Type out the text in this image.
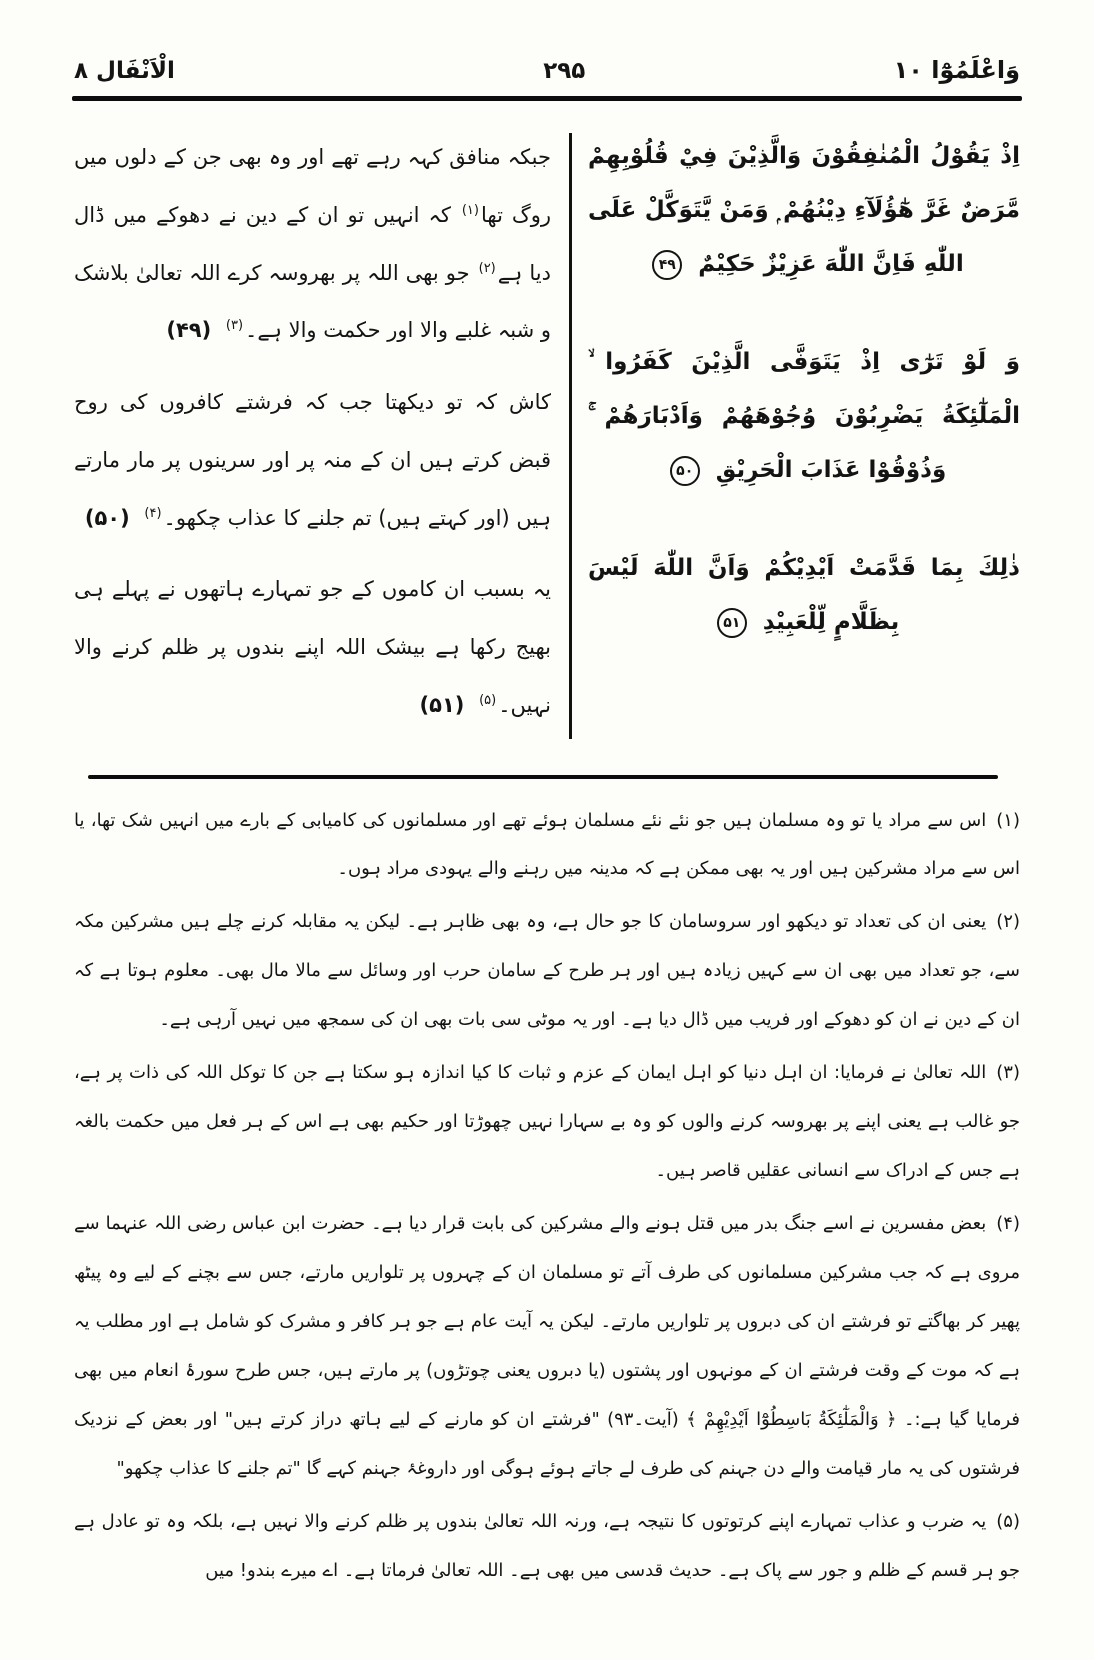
وَاعْلَمُوْٓا ۱۰
۲۹۵
الْاَنْفَال ۸
اِذْ يَقُوْلُ الْمُنٰفِقُوْنَ وَالَّذِيْنَ فِيْ قُلُوْبِهِمْ مَّرَضٌ غَرَّ هٰٓؤُلَآءِ دِيْنُهُمْ ۭ وَمَنْ يَّتَوَكَّلْ عَلَى اللّٰهِ فَاِنَّ اللّٰهَ عَزِيْزٌ حَكِيْمٌ ۴۹
وَ لَوْ تَرٰٓى اِذْ يَتَوَفَّى الَّذِيْنَ كَفَرُوا ۙ الْمَلٰٓئِكَةُ يَضْرِبُوْنَ وُجُوْهَهُمْ وَاَدْبَارَهُمْ ۚ وَذُوْقُوْا عَذَابَ الْحَرِيْقِ ۵۰
ذٰلِكَ بِمَا قَدَّمَتْ اَيْدِيْكُمْ وَاَنَّ اللّٰهَ لَيْسَ بِظَلَّامٍ لِّلْعَبِيْدِ ۵۱

جبکہ منافق کہہ رہے تھے اور وہ بھی جن کے دلوں میں روگ تھا$^{(۱)}$ کہ انہیں تو ان کے دین نے دھوکے میں ڈال دیا ہے$^{(۲)}$ جو بھی اللہ پر بھروسہ کرے اللہ تعالیٰ بلاشک و شبہ غلبے والا اور حکمت والا ہے۔$^{(۳)}$ (۴۹)

کاش کہ تو دیکھتا جب کہ فرشتے کافروں کی روح قبض کرتے ہیں ان کے منہ پر اور سرینوں پر مار مارتے ہیں (اور کہتے ہیں) تم جلنے کا عذاب چکھو۔$^{(۴)}$ (۵۰)

یہ بسبب ان کاموں کے جو تمہارے ہاتھوں نے پہلے ہی بھیج رکھا ہے بیشک اللہ اپنے بندوں پر ظلم کرنے والا نہیں۔$^{(۵)}$ (۵۱)

(۱)اس سے مراد یا تو وہ مسلمان ہیں جو نئے نئے مسلمان ہوئے تھے اور مسلمانوں کی کامیابی کے بارے میں انہیں شک تھا، یا اس سے مراد مشرکین ہیں اور یہ بھی ممکن ہے کہ مدینہ میں رہنے والے یہودی مراد ہوں۔

(۲)یعنی ان کی تعداد تو دیکھو اور سروسامان کا جو حال ہے، وہ بھی ظاہر ہے۔ لیکن یہ مقابلہ کرنے چلے ہیں مشرکین مکہ سے، جو تعداد میں بھی ان سے کہیں زیادہ ہیں اور ہر طرح کے سامان حرب اور وسائل سے مالا مال بھی۔ معلوم ہوتا ہے کہ ان کے دین نے ان کو دھوکے اور فریب میں ڈال دیا ہے۔ اور یہ موٹی سی بات بھی ان کی سمجھ میں نہیں آرہی ہے۔

(۳)اللہ تعالیٰ نے فرمایا: ان اہل دنیا کو اہل ایمان کے عزم و ثبات کا کیا اندازہ ہو سکتا ہے جن کا توکل اللہ کی ذات پر ہے، جو غالب ہے یعنی اپنے پر بھروسہ کرنے والوں کو وہ بے سہارا نہیں چھوڑتا اور حکیم بھی ہے اس کے ہر فعل میں حکمت بالغہ ہے جس کے ادراک سے انسانی عقلیں قاصر ہیں۔

(۴)بعض مفسرین نے اسے جنگ بدر میں قتل ہونے والے مشرکین کی بابت قرار دیا ہے۔ حضرت ابن عباس رضی اللہ عنہما سے مروی ہے کہ جب مشرکین مسلمانوں کی طرف آتے تو مسلمان ان کے چہروں پر تلواریں مارتے، جس سے بچنے کے لیے وہ پیٹھ پھیر کر بھاگتے تو فرشتے ان کی دبروں پر تلواریں مارتے۔ لیکن یہ آیت عام ہے جو ہر کافر و مشرک کو شامل ہے اور مطلب یہ ہے کہ موت کے وقت فرشتے ان کے مونہوں اور پشتوں (یا دبروں یعنی چوتڑوں) پر مارتے ہیں، جس طرح سورۂ انعام میں بھی فرمایا گیا ہے:۔ ﴿ وَالْمَلٰٓئِكَةُ بَاسِطُوْٓا اَيْدِيْهِمْ ﴾ (آیت۔۹۳) "فرشتے ان کو مارنے کے لیے ہاتھ دراز کرتے ہیں" اور بعض کے نزدیک فرشتوں کی یہ مار قیامت والے دن جہنم کی طرف لے جاتے ہوئے ہوگی اور داروغۂ جہنم کہے گا "تم جلنے کا عذاب چکھو"

(۵)یہ ضرب و عذاب تمہارے اپنے کرتوتوں کا نتیجہ ہے، ورنہ اللہ تعالیٰ بندوں پر ظلم کرنے والا نہیں ہے، بلکہ وہ تو عادل ہے جو ہر قسم کے ظلم و جور سے پاک ہے۔ حدیث قدسی میں بھی ہے۔ اللہ تعالیٰ فرماتا ہے۔ اے میرے بندو! میں
